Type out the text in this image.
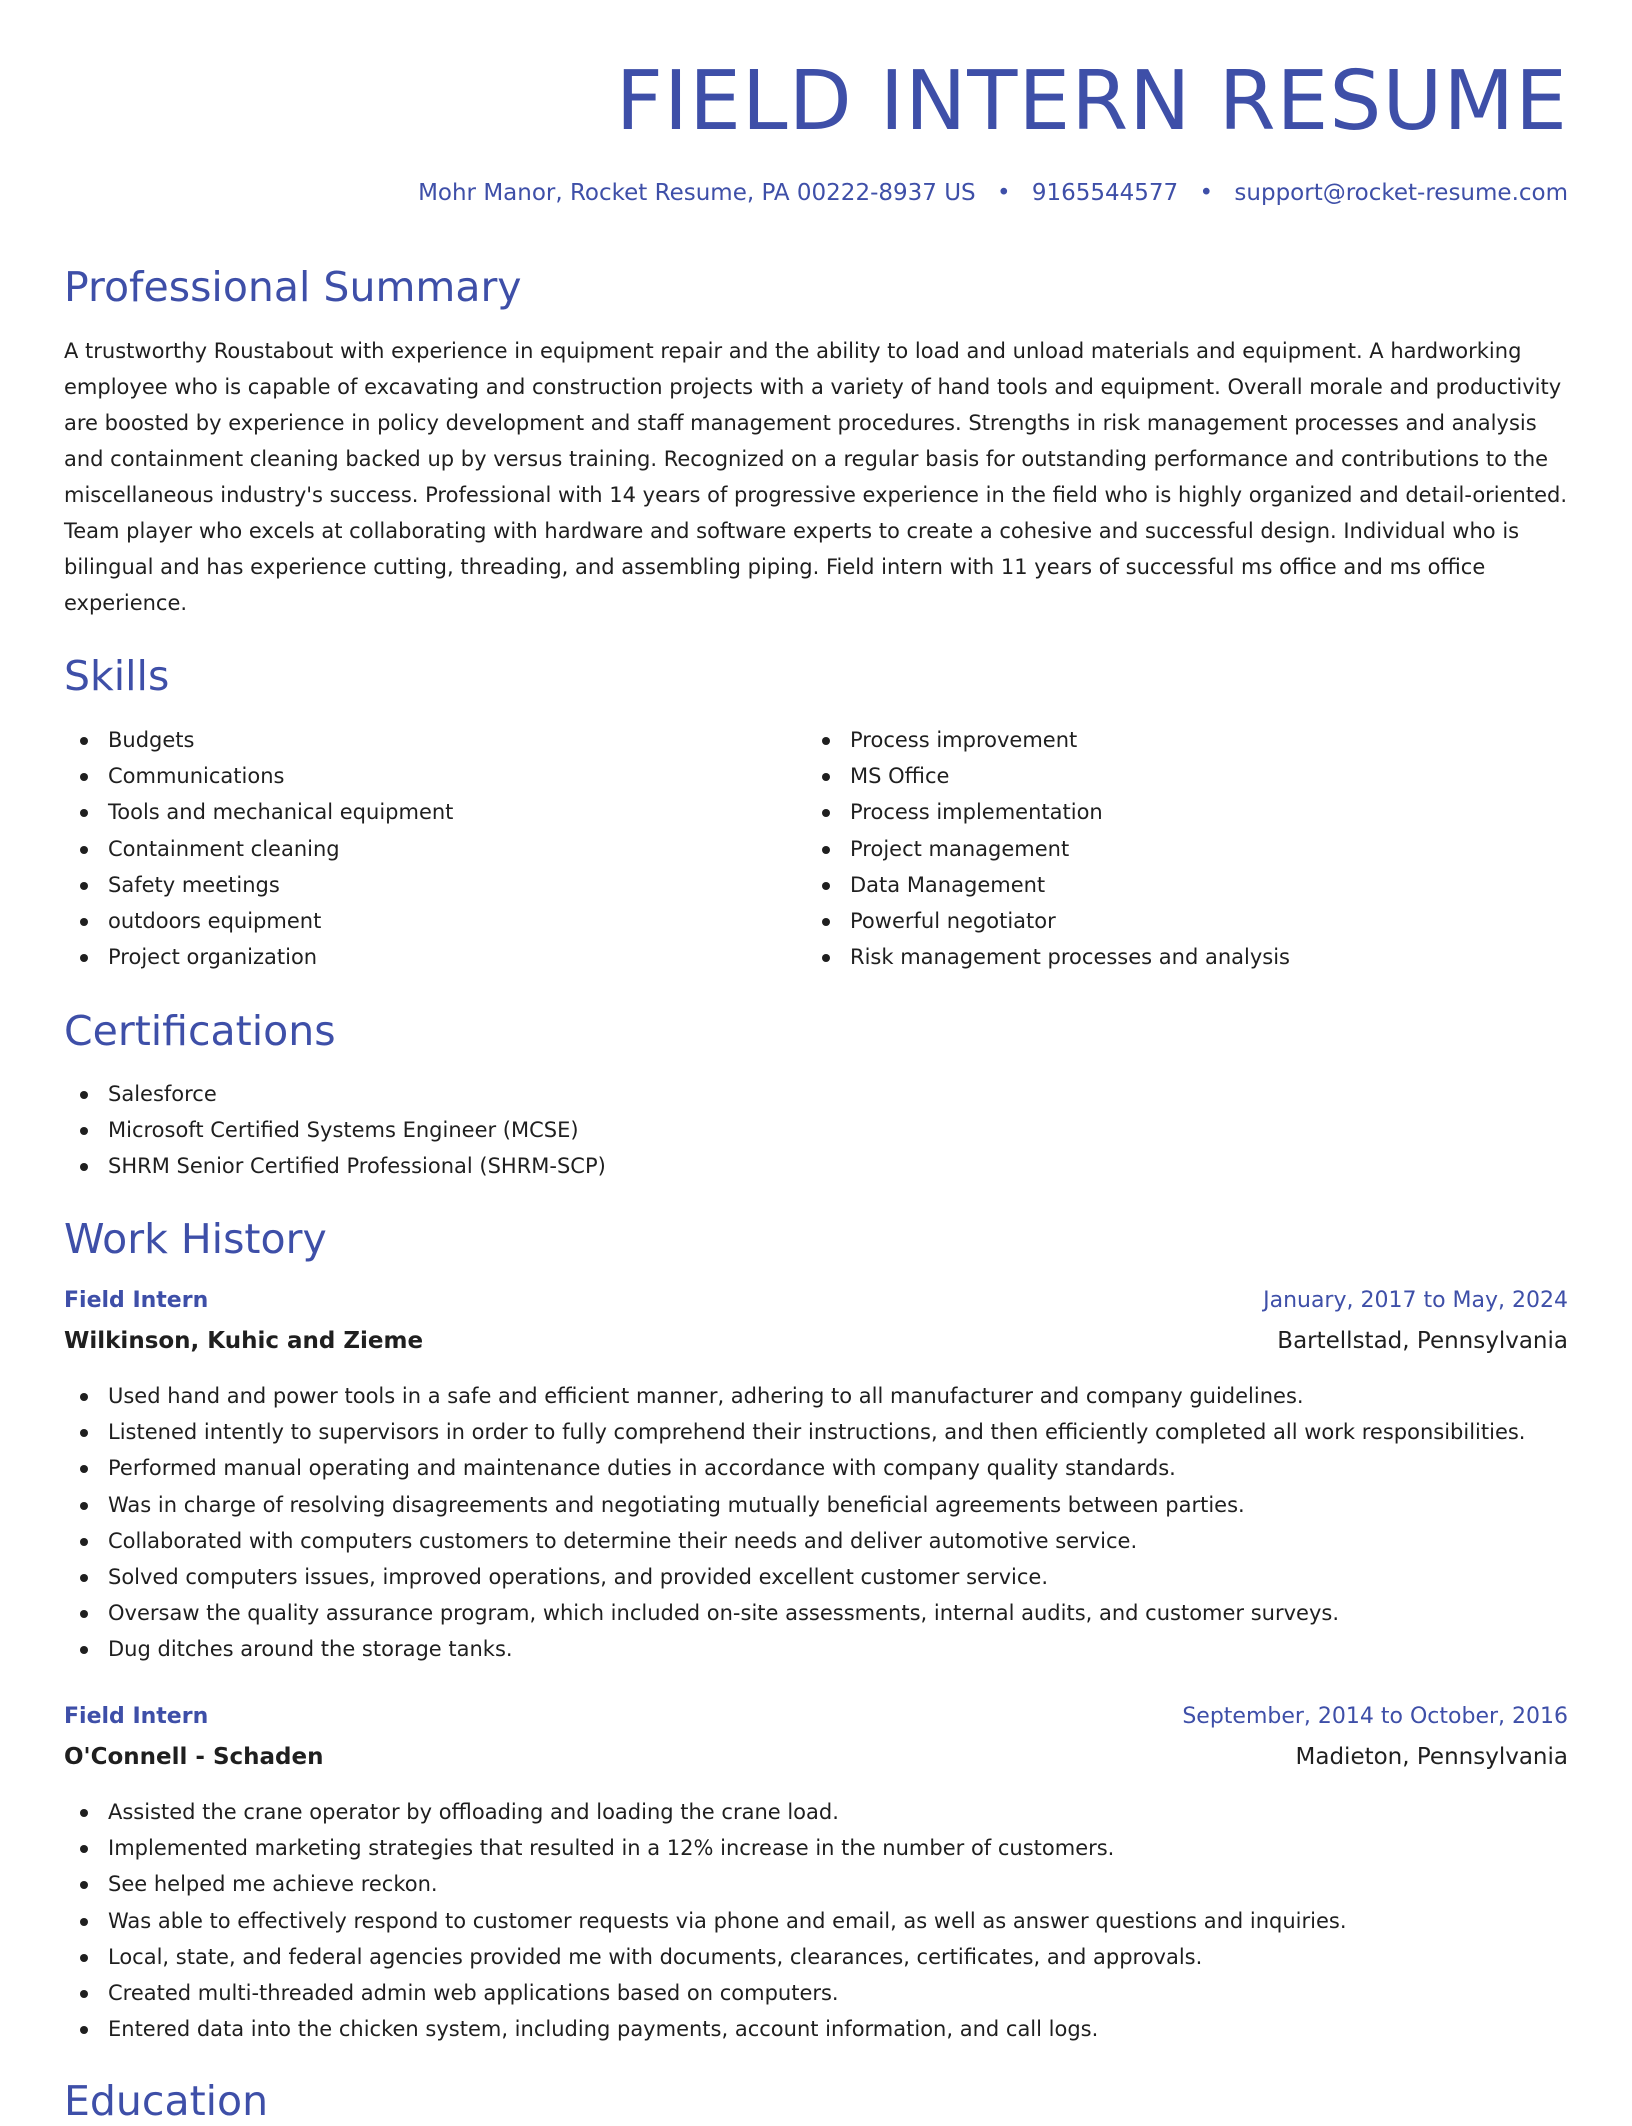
FIELD INTERN RESUME
Mohr Manor, Rocket Resume, PA 00222-8937 US • 9165544577 • support@rocket-resume.com
Professional Summary

A trustworthy Roustabout with experience in equipment repair and the ability to load and unload materials and equipment. A hardworking employee who is capable of excavating and construction projects with a variety of hand tools and equipment. Overall morale and productivity are boosted by experience in policy development and staff management procedures. Strengths in risk management processes and analysis and containment cleaning backed up by versus training. Recognized on a regular basis for outstanding performance and contributions to the miscellaneous industry's success. Professional with 14 years of progressive experience in the field who is highly organized and detail-oriented. Team player who excels at collaborating with hardware and software experts to create a cohesive and successful design. Individual who is bilingual and has experience cutting, threading, and assembling piping. Field intern with 11 years of successful ms office and ms office experience.

Skills
Budgets
Communications
Tools and mechanical equipment
Containment cleaning
Safety meetings
outdoors equipment
Project organization
Process improvement
MS Office
Process implementation
Project management
Data Management
Powerful negotiator
Risk management processes and analysis
Certifications
Salesforce
Microsoft Certified Systems Engineer (MCSE)
SHRM Senior Certified Professional (SHRM-SCP)
Work History
Field Intern	January, 2017 to May, 2024
Wilkinson, Kuhic and Zieme	Bartellstad, Pennsylvania
Used hand and power tools in a safe and efficient manner, adhering to all manufacturer and company guidelines.
Listened intently to supervisors in order to fully comprehend their instructions, and then efficiently completed all work responsibilities.
Performed manual operating and maintenance duties in accordance with company quality standards.
Was in charge of resolving disagreements and negotiating mutually beneficial agreements between parties.
Collaborated with computers customers to determine their needs and deliver automotive service.
Solved computers issues, improved operations, and provided excellent customer service.
Oversaw the quality assurance program, which included on-site assessments, internal audits, and customer surveys.
Dug ditches around the storage tanks.
Field Intern	September, 2014 to October, 2016
O'Connell - Schaden	Madieton, Pennsylvania
Assisted the crane operator by offloading and loading the crane load.
Implemented marketing strategies that resulted in a 12% increase in the number of customers.
See helped me achieve reckon.
Was able to effectively respond to customer requests via phone and email, as well as answer questions and inquiries.
Local, state, and federal agencies provided me with documents, clearances, certificates, and approvals.
Created multi-threaded admin web applications based on computers.
Entered data into the chicken system, including payments, account information, and call logs.
Education
